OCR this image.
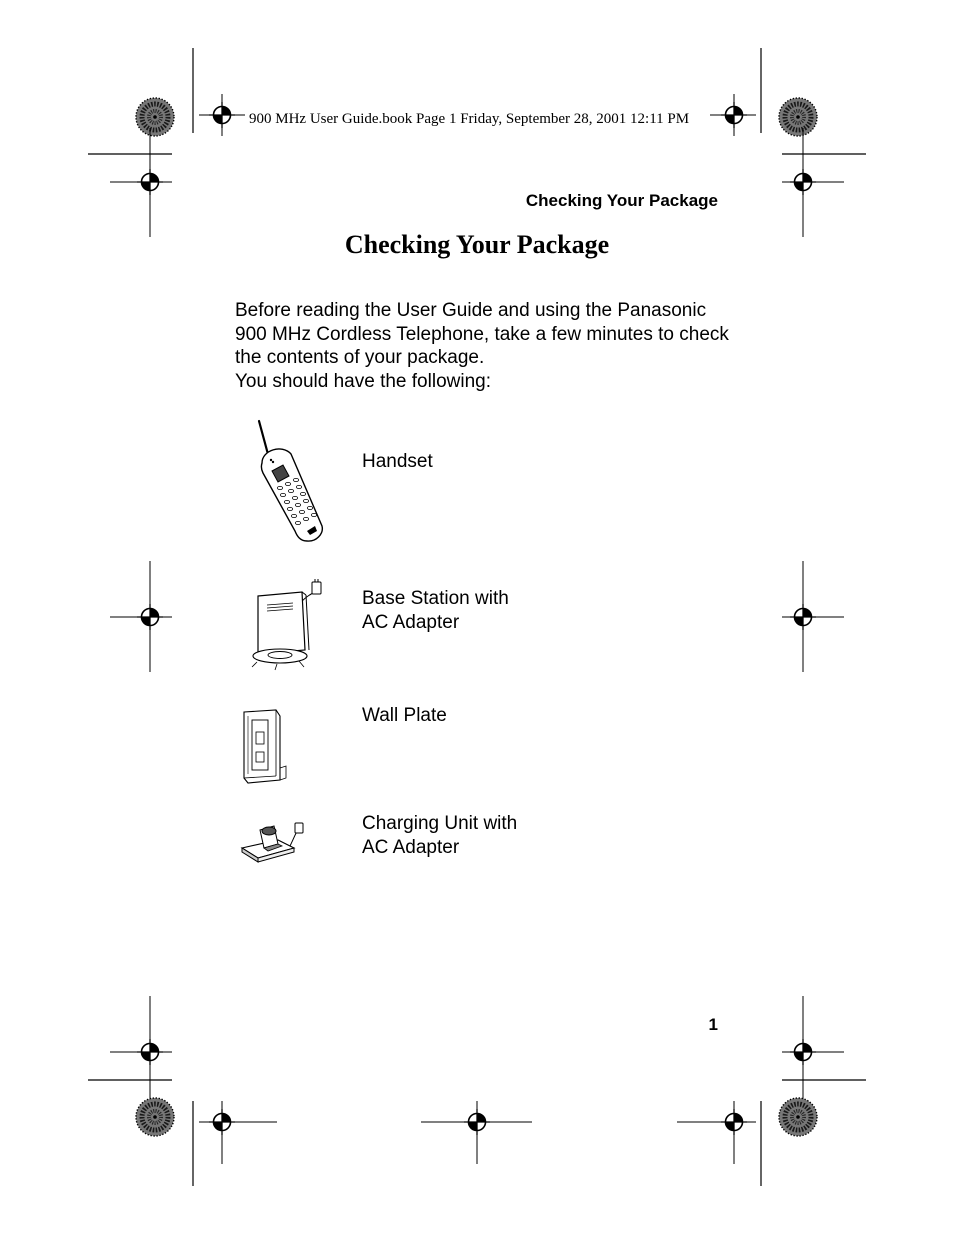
900 MHz User Guide.book Page 1 Friday, September 28, 2001 12:11 PM
Checking Your Package
Checking Your Package

Before reading the User Guide and using the Panasonic 900 MHz Cordless Telephone, take a few minutes to check the contents of your package.

You should have the following:

Handset
Base Station with
AC Adapter
Wall Plate
Charging Unit with
AC Adapter
1
